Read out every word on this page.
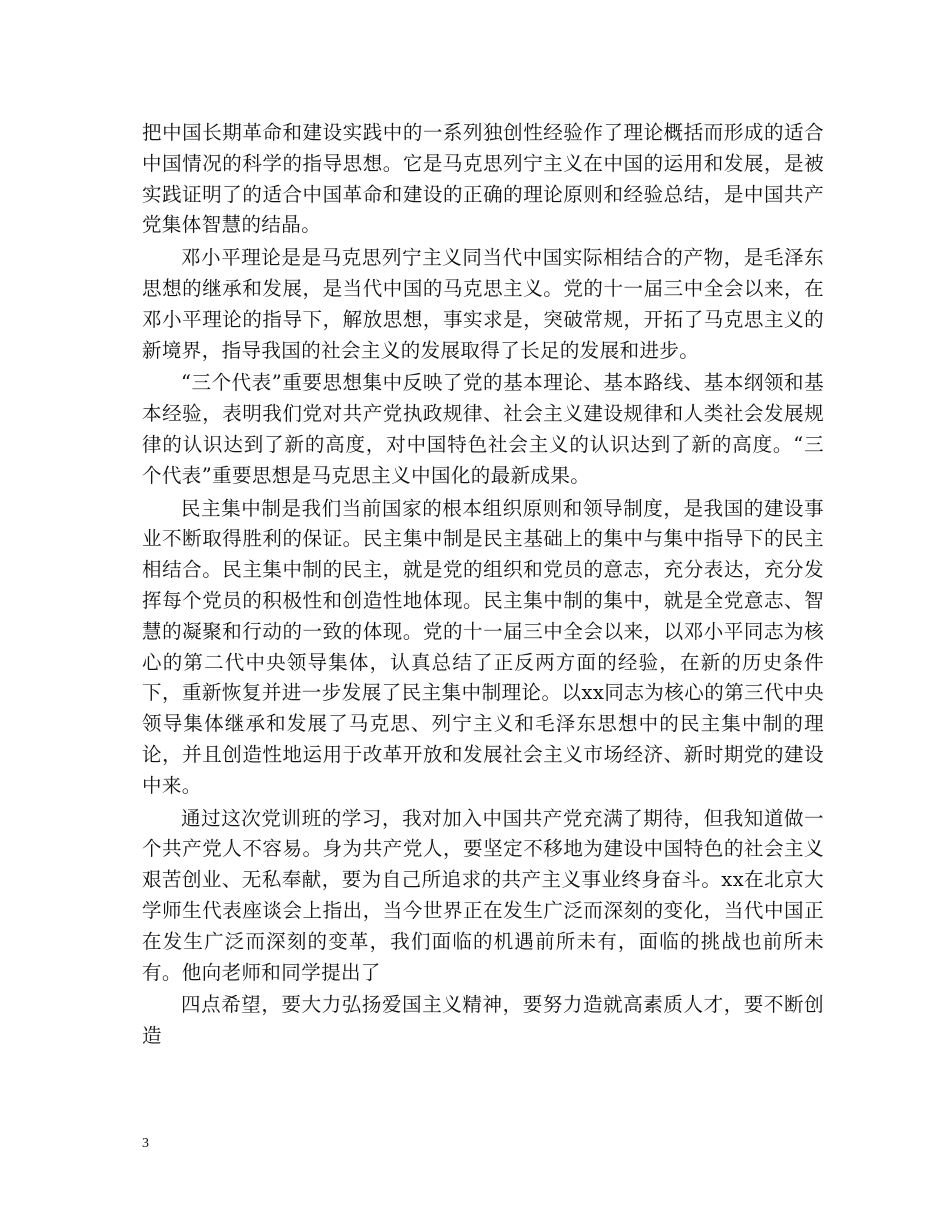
把中国长期革命和建设实践中的一系列独创性经验作了理论概括而形成的适合中国情况的科学的指导思想。它是马克思列宁主义在中国的运用和发展，是被实践证明了的适合中国革命和建设的正确的理论原则和经验总结，是中国共产党集体智慧的结晶。

邓小平理论是是马克思列宁主义同当代中国实际相结合的产物，是毛泽东思想的继承和发展，是当代中国的马克思主义。党的十一届三中全会以来，在邓小平理论的指导下，解放思想，事实求是，突破常规，开拓了马克思主义的新境界，指导我国的社会主义的发展取得了长足的发展和进步。

“三个代表”重要思想集中反映了党的基本理论、基本路线、基本纲领和基本经验，表明我们党对共产党执政规律、社会主义建设规律和人类社会发展规律的认识达到了新的高度，对中国特色社会主义的认识达到了新的高度。“三个代表”重要思想是马克思主义中国化的最新成果。

民主集中制是我们当前国家的根本组织原则和领导制度，是我国的建设事业不断取得胜利的保证。民主集中制是民主基础上的集中与集中指导下的民主相结合。民主集中制的民主，就是党的组织和党员的意志，充分表达，充分发挥每个党员的积极性和创造性地体现。民主集中制的集中，就是全党意志、智慧的凝聚和行动的一致的体现。党的十一届三中全会以来，以邓小平同志为核心的第二代中央领导集体，认真总结了正反两方面的经验，在新的历史条件下，重新恢复并进一步发展了民主集中制理论。以xx同志为核心的第三代中央领导集体继承和发展了马克思、列宁主义和毛泽东思想中的民主集中制的理论，并且创造性地运用于改革开放和发展社会主义市场经济、新时期党的建设中来。

通过这次党训班的学习，我对加入中国共产党充满了期待，但我知道做一个共产党人不容易。身为共产党人，要坚定不移地为建设中国特色的社会主义艰苦创业、无私奉献，要为自己所追求的共产主义事业终身奋斗。xx在北京大学师生代表座谈会上指出，当今世界正在发生广泛而深刻的变化，当代中国正在发生广泛而深刻的变革，我们面临的机遇前所未有，面临的挑战也前所未有。他向老师和同学提出了

四点希望，要大力弘扬爱国主义精神，要努力造就高素质人才，要不断创造

3
